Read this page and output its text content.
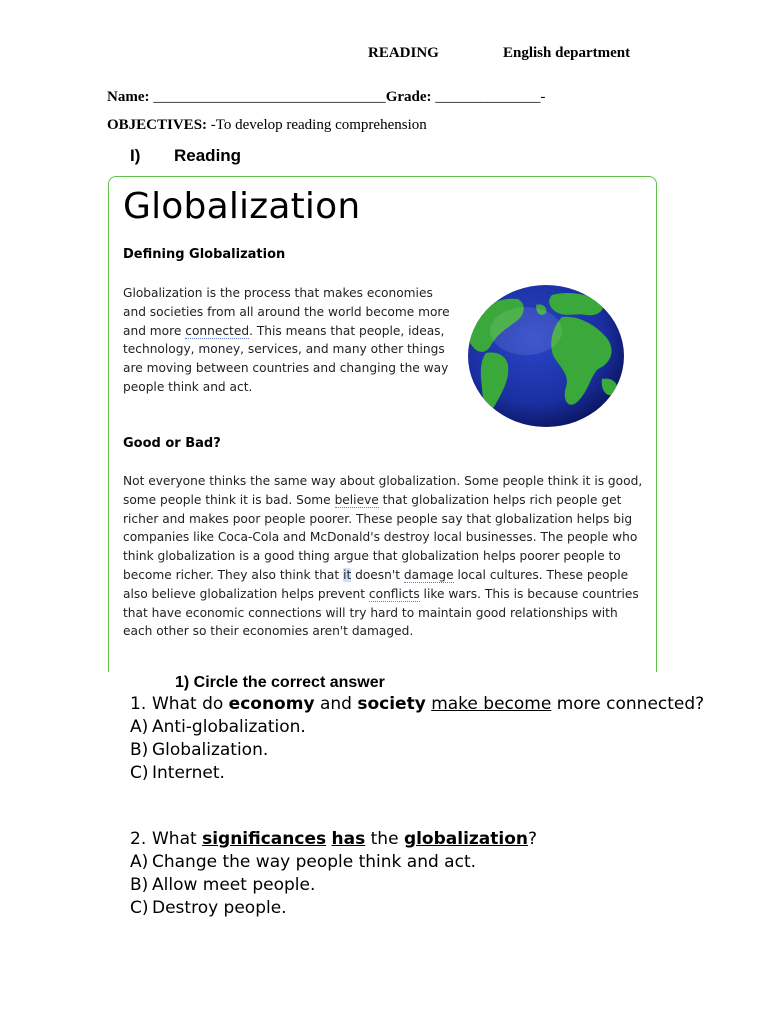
READING	English department
Name: _______________________________Grade: ______________-
OBJECTIVES: -To develop reading comprehension
I) Reading
Globalization
Defining Globalization
Globalization is the process that makes economies and societies from all around the world become more and more connected. This means that people, ideas, technology, money, services, and many other things are moving between countries and changing the way people think and act.
Good or Bad?
Not everyone thinks the same way about globalization. Some people think it is good, some people think it is bad. Some believe that globalization helps rich people get richer and makes poor people poorer. These people say that globalization helps big companies like Coca-Cola and McDonald's destroy local businesses. The people who think globalization is a good thing argue that globalization helps poorer people to become richer. They also think that it doesn't damage local cultures. These people also believe globalization helps prevent conflicts like wars. This is because countries that have economic connections will try hard to maintain good relationships with each other so their economies aren't damaged.
1) Circle the correct answer
1. What do economy and society make become more connected?
A) Anti-globalization.
B) Globalization.
C) Internet.
2. What significances has the globalization?
A) Change the way people think and act.
B) Allow meet people.
C) Destroy people.
